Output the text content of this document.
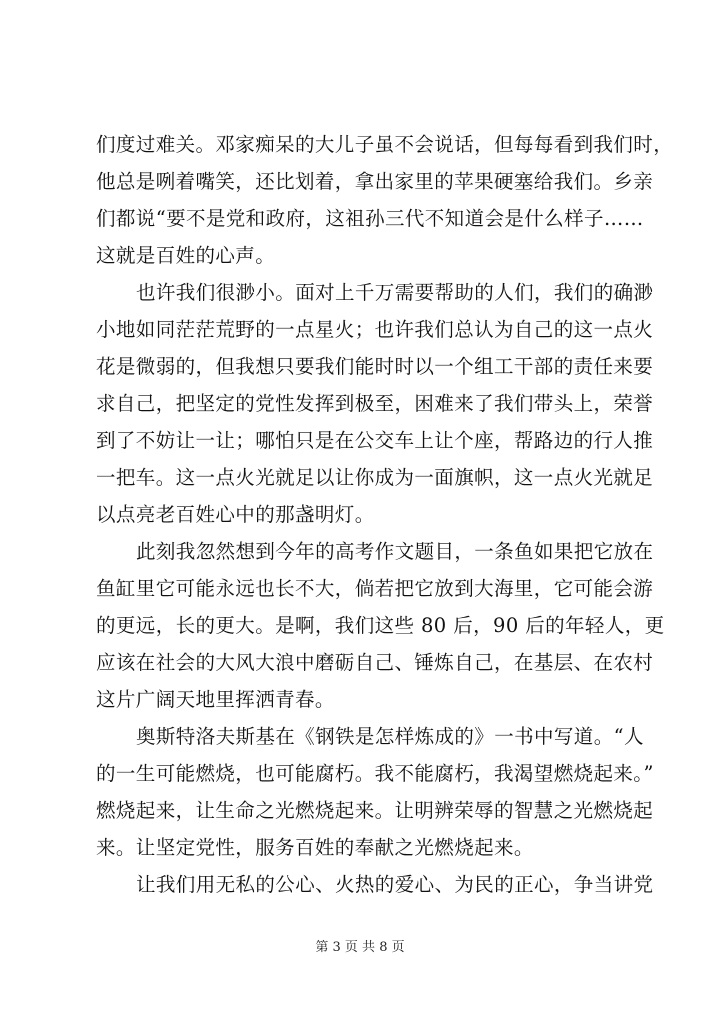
们度过难关。邓家痴呆的大儿子虽不会说话，但每每看到我们时，
他总是咧着嘴笑，还比划着，拿出家里的苹果硬塞给我们。乡亲
们都说“要不是党和政府，这祖孙三代不知道会是什么样子……
这就是百姓的心声。

也许我们很渺小。面对上千万需要帮助的人们，我们的确渺
小地如同茫茫荒野的一点星火；也许我们总认为自己的这一点火
花是微弱的，但我想只要我们能时时以一个组工干部的责任来要
求自己，把坚定的党性发挥到极至，困难来了我们带头上，荣誉
到了不妨让一让；哪怕只是在公交车上让个座，帮路边的行人推
一把车。这一点火光就足以让你成为一面旗帜，这一点火光就足
以点亮老百姓心中的那盏明灯。

此刻我忽然想到今年的高考作文题目，一条鱼如果把它放在
鱼缸里它可能永远也长不大，倘若把它放到大海里，它可能会游
的更远，长的更大。是啊，我们这些 80 后，90 后的年轻人，更
应该在社会的大风大浪中磨砺自己、锤炼自己，在基层、在农村
这片广阔天地里挥洒青春。

奥斯特洛夫斯基在《钢铁是怎样炼成的》一书中写道。“人
的一生可能燃烧，也可能腐朽。我不能腐朽，我渴望燃烧起来。”
燃烧起来，让生命之光燃烧起来。让明辨荣辱的智慧之光燃烧起
来。让坚定党性，服务百姓的奉献之光燃烧起来。

让我们用无私的公心、火热的爱心、为民的正心，争当讲党

第 3 页 共 8 页
